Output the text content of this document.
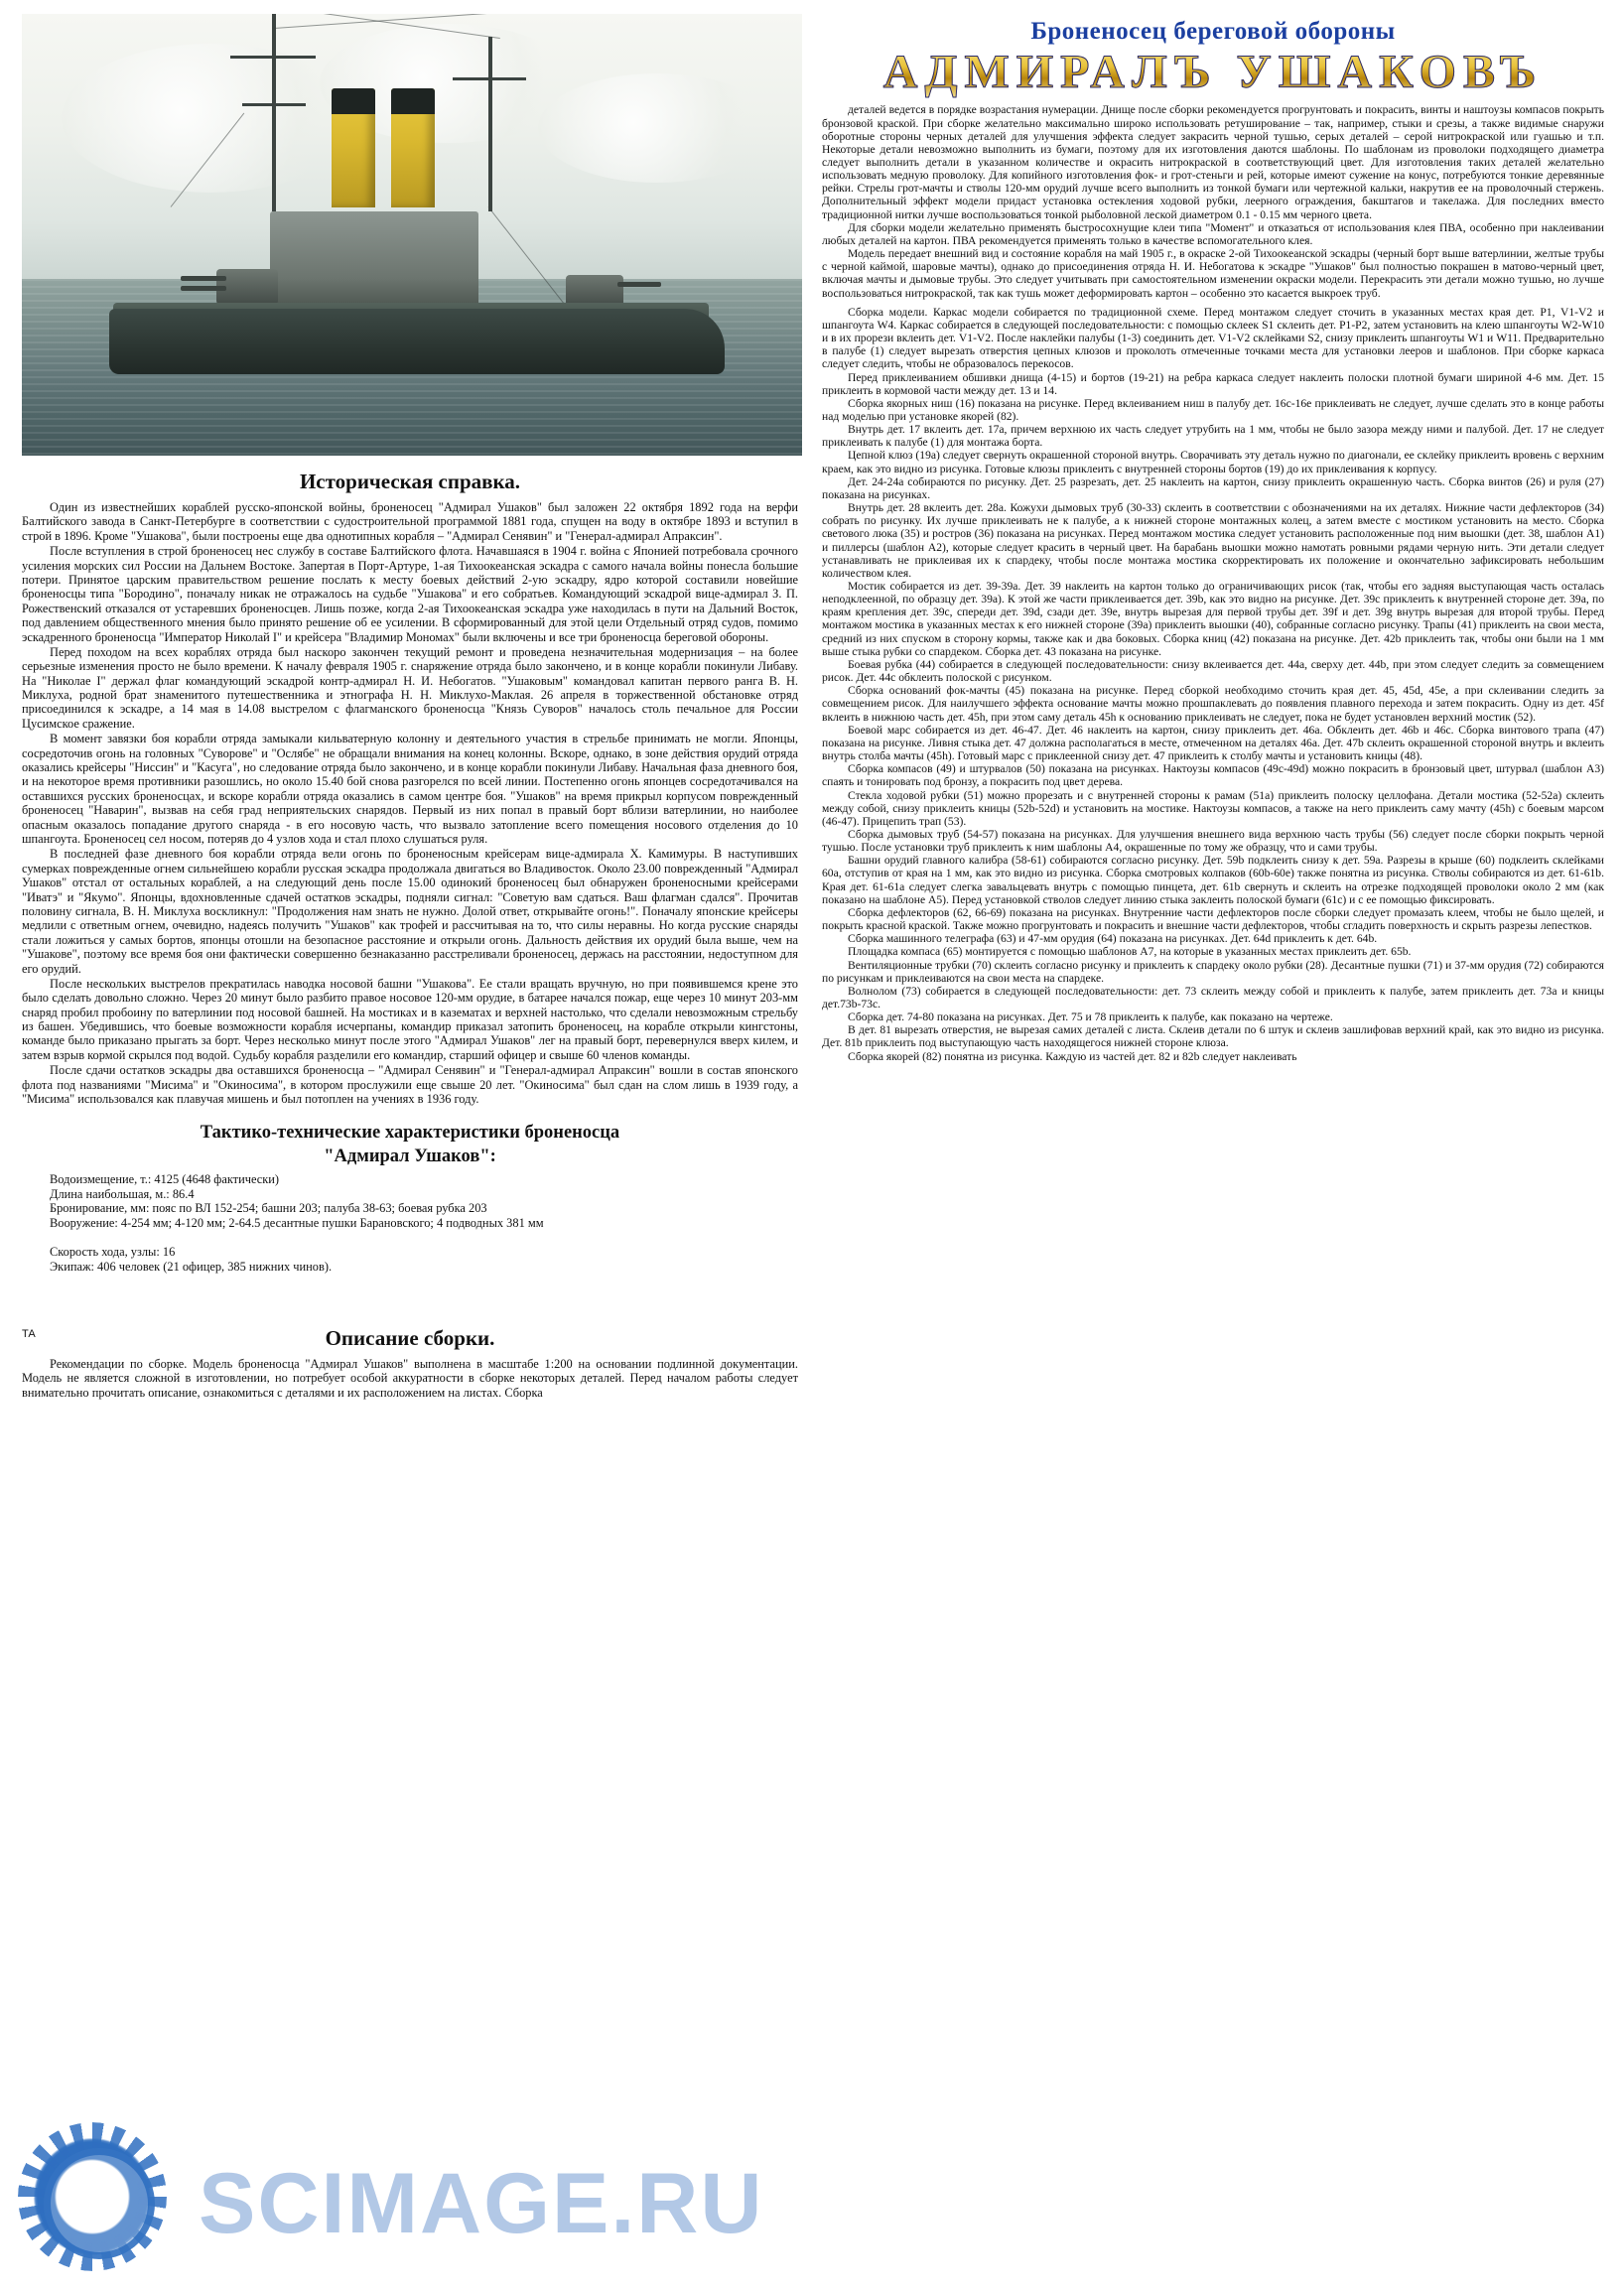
Историческая справка.

Один из известнейших кораблей русско-японской войны, броненосец "Адмирал Ушаков" был заложен 22 октября 1892 года на верфи Балтийского завода в Санкт-Петербурге в соответствии с судостроительной программой 1881 года, спущен на воду в октябре 1893 и вступил в строй в 1896. Кроме "Ушакова", были построены еще два однотипных корабля – "Адмирал Сенявин" и "Генерал-адмирал Апраксин".

После вступления в строй броненосец нес службу в составе Балтийского флота. Начавшаяся в 1904 г. война с Японией потребовала срочного усиления морских сил России на Дальнем Востоке. Запертая в Порт-Артуре, 1-ая Тихоокеанская эскадра с самого начала войны понесла большие потери. Принятое царским правительством решение послать к месту боевых действий 2-ую эскадру, ядро которой составили новейшие броненосцы типа "Бородино", поначалу никак не отражалось на судьбе "Ушакова" и его собратьев. Командующий эскадрой вице-адмирал З. П. Рожественский отказался от устаревших броненосцев. Лишь позже, когда 2-ая Тихоокеанская эскадра уже находилась в пути на Дальний Восток, под давлением общественного мнения было принято решение об ее усилении. В сформированный для этой цели Отдельный отряд судов, помимо эскадренного броненосца "Император Николай I" и крейсера "Владимир Мономах" были включены и все три броненосца береговой обороны.

Перед походом на всех кораблях отряда был наскоро закончен текущий ремонт и проведена незначительная модернизация – на более серьезные изменения просто не было времени. К началу февраля 1905 г. снаряжение отряда было закончено, и в конце корабли покинули Либаву. На "Николае I" держал флаг командующий эскадрой контр-адмирал Н. И. Небогатов. "Ушаковым" командовал капитан первого ранга В. Н. Миклуха, родной брат знаменитого путешественника и этнографа Н. Н. Миклухо-Маклая. 26 апреля в торжественной обстановке отряд присоединился к эскадре, а 14 мая в 14.08 выстрелом с флагманского броненосца "Князь Суворов" началось столь печальное для России Цусимское сражение.

В момент завязки боя корабли отряда замыкали кильватерную колонну и деятельного участия в стрельбе принимать не могли. Японцы, сосредоточив огонь на головных "Суворове" и "Ослябе" не обращали внимания на конец колонны. Вскоре, однако, в зоне действия орудий отряда оказались крейсеры "Ниссин" и "Касуга", но следование отряда было закончено, и в конце корабли покинули Либаву. Начальная фаза дневного боя, и на некоторое время противники разошлись, но около 15.40 бой снова разгорелся по всей линии. Постепенно огонь японцев сосредотачивался на оставшихся русских броненосцах, и вскоре корабли отряда оказались в самом центре боя. "Ушаков" на время прикрыл корпусом поврежденный броненосец "Наварин", вызвав на себя град неприятельских снарядов. Первый из них попал в правый борт вблизи ватерлинии, но наиболее опасным оказалось попадание другого снаряда - в его носовую часть, что вызвало затопление всего помещения носового отделения до 10 шпангоута. Броненосец сел носом, потеряв до 4 узлов хода и стал плохо слушаться руля.

В последней фазе дневного боя корабли отряда вели огонь по броненосным крейсерам вице-адмирала Х. Камимуры. В наступивших сумерках поврежденные огнем сильнейшею корабли русская эскадра продолжала двигаться во Владивосток. Около 23.00 поврежденный "Адмирал Ушаков" отстал от остальных кораблей, а на следующий день после 15.00 одинокий броненосец был обнаружен броненосными крейсерами "Иватэ" и "Якумо". Японцы, вдохновленные сдачей остатков эскадры, подняли сигнал: "Советую вам сдаться. Ваш флагман сдался". Прочитав половину сигнала, В. Н. Миклуха воскликнул: "Продолжения нам знать не нужно. Долой ответ, открывайте огонь!". Поначалу японские крейсеры медлили с ответным огнем, очевидно, надеясь получить "Ушаков" как трофей и рассчитывая на то, что силы неравны. Но когда русские снаряды стали ложиться у самых бортов, японцы отошли на безопасное расстояние и открыли огонь. Дальность действия их орудий была выше, чем на "Ушакове", поэтому все время боя они фактически совершенно безнаказанно расстреливали броненосец, держась на расстоянии, недоступном для его орудий.

После нескольких выстрелов прекратилась наводка носовой башни "Ушакова". Ее стали вращать вручную, но при появившемся крене это было сделать довольно сложно. Через 20 минут было разбито правое носовое 120-мм орудие, в батарее начался пожар, еще через 10 минут 203-мм снаряд пробил пробоину по ватерлинии под носовой башней. На мостиках и в казематах и верхней настолько, что сделали невозможным стрельбу из башен. Убедившись, что боевые возможности корабля исчерпаны, командир приказал затопить броненосец, на корабле открыли кингстоны, команде было приказано прыгать за борт. Через несколько минут после этого "Адмирал Ушаков" лег на правый борт, перевернулся вверх килем, и затем взрыв кормой скрылся под водой. Судьбу корабля разделили его командир, старший офицер и свыше 60 членов команды.

После сдачи остатков эскадры два оставшихся броненосца – "Адмирал Сенявин" и "Генерал-адмирал Апраксин" вошли в состав японского флота под названиями "Мисима" и "Окиносима", в котором прослужили еще свыше 20 лет. "Окиносима" был сдан на слом лишь в 1939 году, а "Мисима" использовался как плавучая мишень и был потоплен на учениях в 1936 году.

Тактико-технические характеристики броненосца
"Адмирал Ушаков":

Водоизмещение, т.: 4125 (4648 фактически)

Длина наибольшая, м.: 86.4

Бронирование, мм: пояс по ВЛ 152-254; башни 203; палуба 38-63; боевая рубка 203

Вооружение: 4-254 мм; 4-120 мм; 2-64.5 десантные пушки Барановского; 4 подводных 381 мм

Скорость хода, узлы: 16

Экипаж: 406 человек (21 офицер, 385 нижних чинов).

ТА	Описание сборки.

Рекомендации по сборке. Модель броненосца "Адмирал Ушаков" выполнена в масштабе 1:200 на основании подлинной документации. Модель не является сложной в изготовлении, но потребует особой аккуратности в сборке некоторых деталей. Перед началом работы следует внимательно прочитать описание, ознакомиться с деталями и их расположением на листах. Сборка

Броненосец береговой обороны
АДМИРАЛЪ УШАКОВЪ

деталей ведется в порядке возрастания нумерации. Днище после сборки рекомендуется прогрунтовать и покрасить, винты и наштоузы компасов покрыть бронзовой краской. При сборке желательно максимально широко использовать ретуширование – так, например, стыки и срезы, а также видимые снаружи оборотные стороны черных деталей для улучшения эффекта следует закрасить черной тушью, серых деталей – серой нитрокраской или гуашью и т.п. Некоторые детали невозможно выполнить из бумаги, поэтому для их изготовления даются шаблоны. По шаблонам из проволоки подходящего диаметра следует выполнить детали в указанном количестве и окрасить нитрокраской в соответствующий цвет. Для изготовления таких деталей желательно использовать медную проволоку. Для копийного изготовления фок- и грот-стеньги и рей, которые имеют сужение на конус, потребуются тонкие деревянные рейки. Стрелы грот-мачты и стволы 120-мм орудий лучше всего выполнить из тонкой бумаги или чертежной кальки, накрутив ее на проволочный стержень. Дополнительный эффект модели придаст установка остекления ходовой рубки, леерного ограждения, бакштагов и такелажа. Для последних вместо традиционной нитки лучше воспользоваться тонкой рыболовной леской диаметром 0.1 - 0.15 мм черного цвета.

Для сборки модели желательно применять быстросохнущие клеи типа "Момент" и отказаться от использования клея ПВА, особенно при наклеивании любых деталей на картон. ПВА рекомендуется применять только в качестве вспомогательного клея.

Модель передает внешний вид и состояние корабля на май 1905 г., в окраске 2-ой Тихоокеанской эскадры (черный борт выше ватерлинии, желтые трубы с черной каймой, шаровые мачты), однако до присоединения отряда Н. И. Небогатова к эскадре "Ушаков" был полностью покрашен в матово-черный цвет, включая мачты и дымовые трубы. Это следует учитывать при самостоятельном изменении окраски модели. Перекрасить эти детали можно тушью, но лучше воспользоваться нитрокраской, так как тушь может деформировать картон – особенно это касается выкроек труб.

Сборка модели. Каркас модели собирается по традиционной схеме. Перед монтажом следует сточить в указанных местах края дет. P1, V1-V2 и шпангоута W4. Каркас собирается в следующей последовательности: с помощью склеек S1 склеить дет. P1-P2, затем установить на клею шпангоуты W2-W10 и в их прорези вклеить дет. V1-V2. После наклейки палубы (1-3) соединить дет. V1-V2 склейками S2, снизу приклеить шпангоуты W1 и W11. Предварительно в палубе (1) следует вырезать отверстия цепных клюзов и проколоть отмеченные точками места для установки лееров и шаблонов. При сборке каркаса следует следить, чтобы не образовалось перекосов.

Перед приклеиванием обшивки днища (4-15) и бортов (19-21) на ребра каркаса следует наклеить полоски плотной бумаги шириной 4-6 мм. Дет. 15 приклеить в кормовой части между дет. 13 и 14.

Сборка якорных ниш (16) показана на рисунке. Перед вклеиванием ниш в палубу дет. 16с-16е приклеивать не следует, лучше сделать это в конце работы над моделью при установке якорей (82).

Внутрь дет. 17 вклеить дет. 17а, причем верхнюю их часть следует утрубить на 1 мм, чтобы не было зазора между ними и палубой. Дет. 17 не следует приклеивать к палубе (1) для монтажа борта.

Цепной клюз (19а) следует свернуть окрашенной стороной внутрь. Сворачивать эту деталь нужно по диагонали, ее склейку приклеить вровень с верхним краем, как это видно из рисунка. Готовые клюзы приклеить с внутренней стороны бортов (19) до их приклеивания к корпусу.

Дет. 24-24а собираются по рисунку. Дет. 25 разрезать, дет. 25 наклеить на картон, снизу приклеить окрашенную часть. Сборка винтов (26) и руля (27) показана на рисунках.

Внутрь дет. 28 вклеить дет. 28а. Кожухи дымовых труб (30-33) склеить в соответствии с обозначениями на их деталях. Нижние части дефлекторов (34) собрать по рисунку. Их лучше приклеивать не к палубе, а к нижней стороне монтажных колец, а затем вместе с мостиком установить на место. Сборка светового люка (35) и ростров (36) показана на рисунках. Перед монтажом мостика следует установить расположенные под ним выошки (дет. 38, шаблон A1) и пиллерсы (шаблон A2), которые следует красить в черный цвет. На барабань выошки можно намотать ровными рядами черную нить. Эти детали следует устанавливать не приклеивая их к спардеку, чтобы после монтажа мостика скорректировать их положение и окончательно зафиксировать небольшим количеством клея.

Мостик собирается из дет. 39-39а. Дет. 39 наклеить на картон только до ограничивающих рисок (так, чтобы его задняя выступающая часть осталась неподклеенной, по образцу дет. 39а). К этой же части приклеивается дет. 39b, как это видно на рисунке. Дет. 39с приклеить к внутренней стороне дет. 39а, по краям крепления дет. 39с, спереди дет. 39d, сзади дет. 39е, внутрь вырезая для первой трубы дет. 39f и дет. 39g внутрь вырезая для второй трубы. Перед монтажом мостика в указанных местах к его нижней стороне (39а) приклеить выошки (40), собранные согласно рисунку. Трапы (41) приклеить на свои места, средний из них спуском в сторону кормы, также как и два боковых. Сборка книц (42) показана на рисунке. Дет. 42b приклеить так, чтобы они были на 1 мм выше стыка рубки со спардеком. Сборка дет. 43 показана на рисунке.

Боевая рубка (44) собирается в следующей последовательности: снизу вклеивается дет. 44а, сверху дет. 44b, при этом следует следить за совмещением рисок. Дет. 44с обклеить полоской с рисунком.

Сборка оснований фок-мачты (45) показана на рисунке. Перед сборкой необходимо сточить края дет. 45, 45d, 45e, а при склеивании следить за совмещением рисок. Для наилучшего эффекта основание мачты можно прошпаклевать до появления плавного перехода и затем покрасить. Одну из дет. 45f вклеить в нижнюю часть дет. 45h, при этом саму деталь 45h к основанию приклеивать не следует, пока не будет установлен верхний мостик (52).

Боевой марс собирается из дет. 46-47. Дет. 46 наклеить на картон, снизу приклеить дет. 46а. Обклеить дет. 46b и 46с. Сборка винтового трапа (47) показана на рисунке. Ливня стыка дет. 47 должна располагаться в месте, отмеченном на деталях 46а. Дет. 47b склеить окрашенной стороной внутрь и вклеить внутрь столба мачты (45h). Готовый марс с приклеенной снизу дет. 47 приклеить к столбу мачты и установить кницы (48).

Сборка компасов (49) и штурвалов (50) показана на рисунках. Нактоузы компасов (49с-49d) можно покрасить в бронзовый цвет, штурвал (шаблон A3) спаять и тонировать под бронзу, а покрасить под цвет дерева.

Стекла ходовой рубки (51) можно прорезать и с внутренней стороны к рамам (51а) приклеить полоску целлофана. Детали мостика (52-52а) склеить между собой, снизу приклеить кницы (52b-52d) и установить на мостике. Нактоузы компасов, а также на него приклеить саму мачту (45h) с боевым марсом (46-47). Прицепить трап (53).

Сборка дымовых труб (54-57) показана на рисунках. Для улучшения внешнего вида верхнюю часть трубы (56) следует после сборки покрыть черной тушью. После установки труб приклеить к ним шаблоны A4, окрашенные по тому же образцу, что и сами трубы.

Башни орудий главного калибра (58-61) собираются согласно рисунку. Дет. 59b подклеить снизу к дет. 59а. Разрезы в крыше (60) подклеить склейками 60а, отступив от края на 1 мм, как это видно из рисунка. Сборка смотровых колпаков (60b-60е) также понятна из рисунка. Стволы собираются из дет. 61-61b. Края дет. 61-61а следует слегка завальцевать внутрь с помощью пинцета, дет. 61b свернуть и склеить на отрезке подходящей проволоки около 2 мм (как показано на шаблоне A5). Перед установкой стволов следует линию стыка заклеить полоской бумаги (61с) и с ее помощью фиксировать.

Сборка дефлекторов (62, 66-69) показана на рисунках. Внутренние части дефлекторов после сборки следует промазать клеем, чтобы не было щелей, и покрыть красной краской. Также можно прогрунтовать и покрасить и внешние части дефлекторов, чтобы сгладить поверхность и скрыть разрезы лепестков.

Сборка машинного телеграфа (63) и 47-мм орудия (64) показана на рисунках. Дет. 64d приклеить к дет. 64b.

Площадка компаса (65) монтируется с помощью шаблонов A7, на которые в указанных местах приклеить дет. 65b.

Вентиляционные трубки (70) склеить согласно рисунку и приклеить к спардеку около рубки (28). Десантные пушки (71) и 37-мм орудия (72) собираются по рисункам и приклеиваются на свои места на спардеке.

Волнолом (73) собирается в следующей последовательности: дет. 73 склеить между собой и приклеить к палубе, затем приклеить дет. 73а и кницы дет.73b-73с.

Сборка дет. 74-80 показана на рисунках. Дет. 75 и 78 приклеить к палубе, как показано на чертеже.

В дет. 81 вырезать отверстия, не вырезая самих деталей с листа. Склеив детали по 6 штук и склеив зашлифовав верхний край, как это видно из рисунка. Дет. 81b приклеить под выступающую часть находящегося нижней стороне клюза.

Сборка якорей (82) понятна из рисунка. Каждую из частей дет. 82 и 82b следует наклеивать

SCIMAGE.RU
